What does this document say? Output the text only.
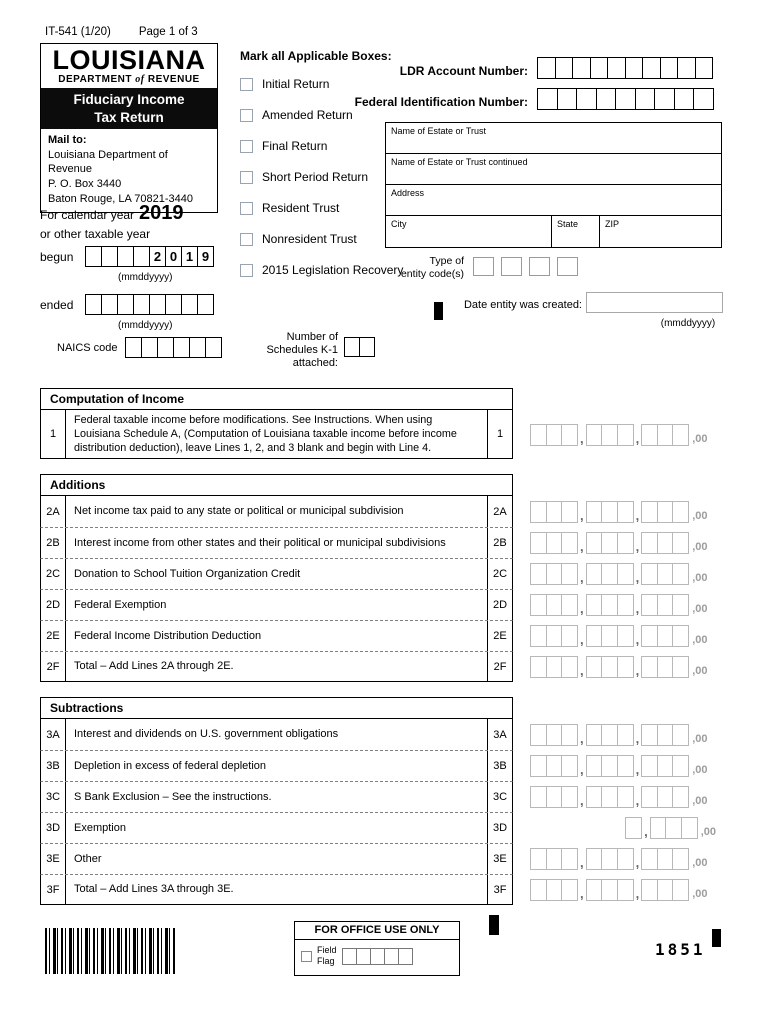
IT-541 (1/20) Page 1 of 3
LOUISIANA
DEPARTMENT of REVENUE
Fiduciary Income
Tax Return
Mail to:
Louisiana Department of Revenue
P. O. Box 3440
Baton Rouge, LA 70821-3440
For calendar year 2019
or other taxable year
begun	2 0 1 9
(mmddyyyy)
ended
(mmddyyyy)
NAICS code
Mark all Applicable Boxes:
Initial Return
Amended Return
Final Return
Short Period Return
Resident Trust
Nonresident Trust
2015 Legislation Recovery
Number of
Schedules K-1
attached:
LDR Account Number:
Federal Identification Number:
Name of Estate or Trust
Name of Estate or Trust continued
Address
City	State	ZIP
Type of
entity code(s)
Date entity was created:
(mmddyyyy)
Computation of Income
1
Federal taxable income before modifications. See Instructions. When using Louisiana Schedule A, (Computation of Louisiana taxable income before income distribution deduction), leave Lines 1, 2, and 3 blank and begin with Line 4.
1	,	,	,00
Additions
2A	Net income tax paid to any state or political or municipal subdivision	2A	,	,	,00
2B	Interest income from other states and their political or municipal subdivisions	2B	,	,	,00
2C	Donation to School Tuition Organization Credit	2C	,	,	,00
2D	Federal Exemption	2D	,	,	,00
2E	Federal Income Distribution Deduction	2E	,	,	,00
2F	Total – Add Lines 2A through 2E.	2F	,	,	,00
Subtractions
3A	Interest and dividends on U.S. government obligations	3A	,	,	,00
3B	Depletion in excess of federal depletion	3B	,	,	,00
3C	S Bank Exclusion – See the instructions.	3C	,	,	,00
3D	Exemption	3D	,	,00
3E	Other	3E	,	,	,00
3F	Total – Add Lines 3A through 3E.	3F	,	,	,00
FOR OFFICE USE ONLY
Field
Flag
1851
